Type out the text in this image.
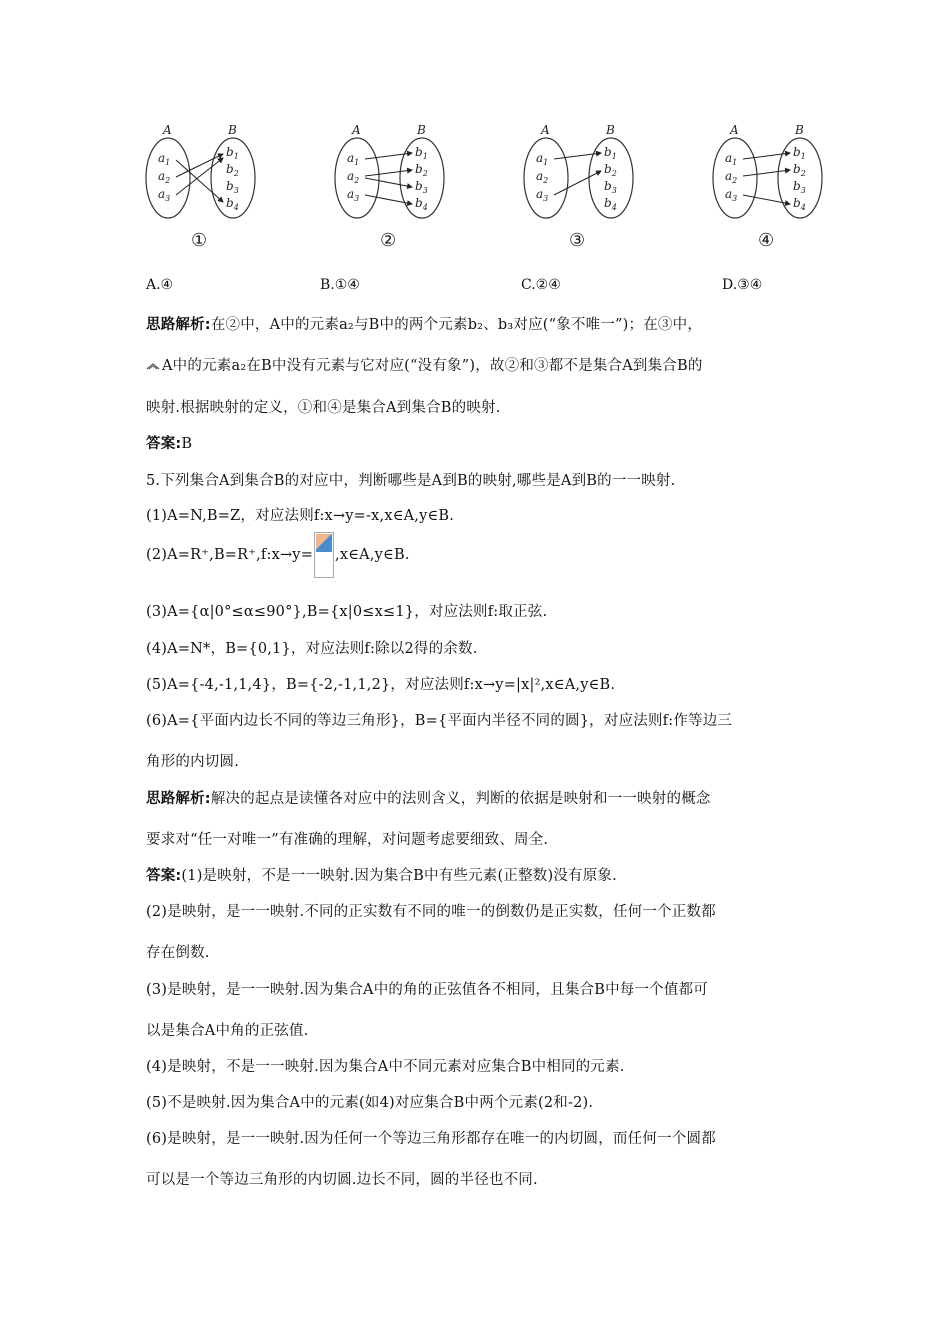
A	B
$a_1$
$a_2$
$a_3$
$b_1$
$b_2$
$b_3$
$b_4$
①
A	B
$a_1$
$a_2$
$a_3$
$b_1$
$b_2$
$b_3$
$b_4$
②
A	B
$a_1$
$a_2$
$a_3$
$b_1$
$b_2$
$b_3$
$b_4$
③
A	B
$a_1$
$a_2$
$a_3$
$b_1$
$b_2$
$b_3$
$b_4$
④
A.④	B.①④	C.②④	D.③④
思路解析:在②中，A中的元素a₂与B中的两个元素b₂、b₃对应(“象不唯一”)；在③中，
A中的元素a₂在B中没有元素与它对应(“没有象”)，故②和③都不是集合A到集合B的
映射.根据映射的定义，①和④是集合A到集合B的映射.
答案:B
5.下列集合A到集合B的对应中，判断哪些是A到B的映射,哪些是A到B的一一映射.
(1)A=N,B=Z，对应法则f:x→y=-x,x∈A,y∈B.
(2)A=R⁺,B=R⁺,f:x→y= ,x∈A,y∈B.
(3)A={α|0°≤α≤90°},B={x|0≤x≤1}，对应法则f:取正弦.
(4)A=N*，B={0,1}，对应法则f:除以2得的余数.
(5)A={-4,-1,1,4}，B={-2,-1,1,2}，对应法则f:x→y=|x|²,x∈A,y∈B.
(6)A={平面内边长不同的等边三角形}，B={平面内半径不同的圆}，对应法则f:作等边三
角形的内切圆.
思路解析:解决的起点是读懂各对应中的法则含义，判断的依据是映射和一一映射的概念
要求对“任一对唯一”有准确的理解，对问题考虑要细致、周全.
答案:(1)是映射，不是一一映射.因为集合B中有些元素(正整数)没有原象.
(2)是映射，是一一映射.不同的正实数有不同的唯一的倒数仍是正实数，任何一个正数都
存在倒数.
(3)是映射，是一一映射.因为集合A中的角的正弦值各不相同，且集合B中每一个值都可
以是集合A中角的正弦值.
(4)是映射，不是一一映射.因为集合A中不同元素对应集合B中相同的元素.
(5)不是映射.因为集合A中的元素(如4)对应集合B中两个元素(2和-2).
(6)是映射，是一一映射.因为任何一个等边三角形都存在唯一的内切圆，而任何一个圆都
可以是一个等边三角形的内切圆.边长不同，圆的半径也不同.
